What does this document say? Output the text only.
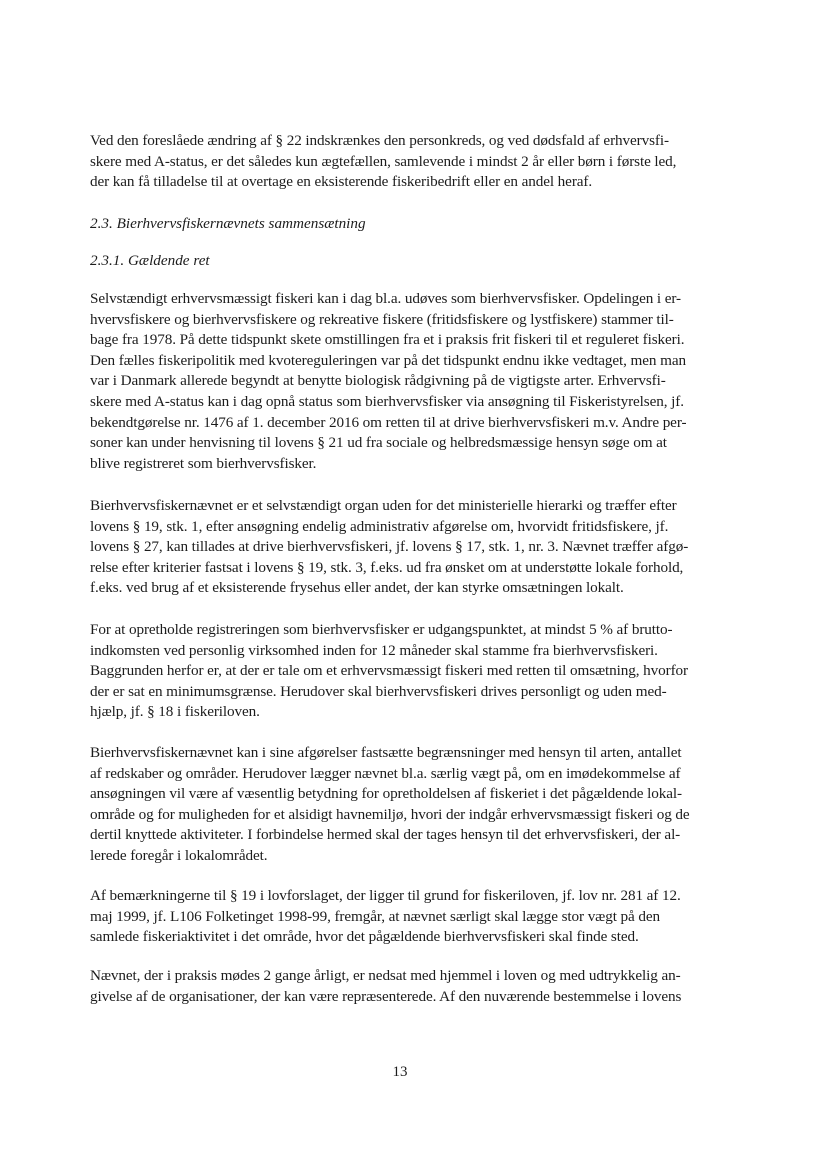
Ved den foreslåede ændring af § 22 indskrænkes den personkreds, og ved dødsfald af erhvervsfi-
skere med A-status, er det således kun ægtefællen, samlevende i mindst 2 år eller børn i første led,
der kan få tilladelse til at overtage en eksisterende fiskeribedrift eller en andel heraf.
2.3. Bierhvervsfiskernævnets sammensætning
2.3.1. Gældende ret
Selvstændigt erhvervsmæssigt fiskeri kan i dag bl.a. udøves som bierhvervsfisker. Opdelingen i er-
hvervsfiskere og bierhvervsfiskere og rekreative fiskere (fritidsfiskere og lystfiskere) stammer til-
bage fra 1978. På dette tidspunkt skete omstillingen fra et i praksis frit fiskeri til et reguleret fiskeri.
Den fælles fiskeripolitik med kvotereguleringen var på det tidspunkt endnu ikke vedtaget, men man
var i Danmark allerede begyndt at benytte biologisk rådgivning på de vigtigste arter. Erhvervsfi-
skere med A-status kan i dag opnå status som bierhvervsfisker via ansøgning til Fiskeristyrelsen, jf.
bekendtgørelse nr. 1476 af 1. december 2016 om retten til at drive bierhvervsfiskeri m.v. Andre per-
soner kan under henvisning til lovens § 21 ud fra sociale og helbredsmæssige hensyn søge om at
blive registreret som bierhvervsfisker.
Bierhvervsfiskernævnet er et selvstændigt organ uden for det ministerielle hierarki og træffer efter
lovens § 19, stk. 1, efter ansøgning endelig administrativ afgørelse om, hvorvidt fritidsfiskere, jf.
lovens § 27, kan tillades at drive bierhvervsfiskeri, jf. lovens § 17, stk. 1, nr. 3. Nævnet træffer afgø-
relse efter kriterier fastsat i lovens § 19, stk. 3, f.eks. ud fra ønsket om at understøtte lokale forhold,
f.eks. ved brug af et eksisterende frysehus eller andet, der kan styrke omsætningen lokalt.
For at opretholde registreringen som bierhvervsfisker er udgangspunktet, at mindst 5 % af brutto-
indkomsten ved personlig virksomhed inden for 12 måneder skal stamme fra bierhvervsfiskeri.
Baggrunden herfor er, at der er tale om et erhvervsmæssigt fiskeri med retten til omsætning, hvorfor
der er sat en minimumsgrænse. Herudover skal bierhvervsfiskeri drives personligt og uden med-
hjælp, jf. § 18 i fiskeriloven.
Bierhvervsfiskernævnet kan i sine afgørelser fastsætte begrænsninger med hensyn til arten, antallet
af redskaber og områder. Herudover lægger nævnet bl.a. særlig vægt på, om en imødekommelse af
ansøgningen vil være af væsentlig betydning for opretholdelsen af fiskeriet i det pågældende lokal-
område og for muligheden for et alsidigt havnemiljø, hvori der indgår erhvervsmæssigt fiskeri og de
dertil knyttede aktiviteter. I forbindelse hermed skal der tages hensyn til det erhvervsfiskeri, der al-
lerede foregår i lokalområdet.
Af bemærkningerne til § 19 i lovforslaget, der ligger til grund for fiskeriloven, jf. lov nr. 281 af 12.
maj 1999, jf. L106 Folketinget 1998-99, fremgår, at nævnet særligt skal lægge stor vægt på den
samlede fiskeriaktivitet i det område, hvor det pågældende bierhvervsfiskeri skal finde sted.
Nævnet, der i praksis mødes 2 gange årligt, er nedsat med hjemmel i loven og med udtrykkelig an-
givelse af de organisationer, der kan være repræsenterede. Af den nuværende bestemmelse i lovens
13
